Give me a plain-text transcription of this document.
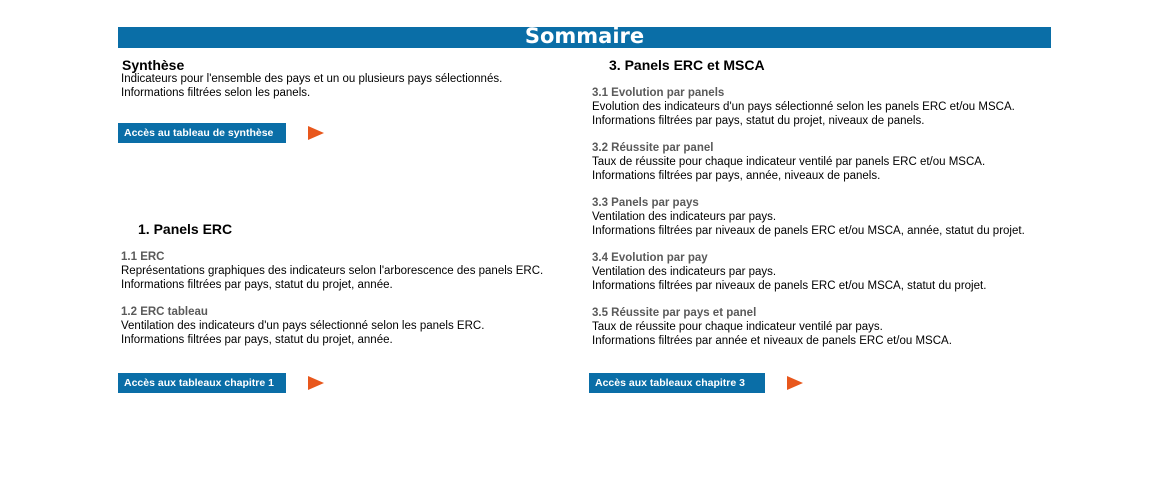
Sommaire
Synthèse
Indicateurs pour l'ensemble des pays et un ou plusieurs pays sélectionnés.
Informations filtrées selon les panels.
Accès au tableau de synthèse
1. Panels ERC
1.1 ERC
Représentations graphiques des indicateurs selon l'arborescence des panels ERC.
Informations filtrées par pays, statut du projet, année.
1.2 ERC tableau
Ventilation des indicateurs d'un pays sélectionné selon les panels ERC.
Informations filtrées par pays, statut du projet, année.
Accès aux tableaux chapitre 1
3. Panels ERC et MSCA
3.1 Evolution par panels
Evolution des indicateurs d'un pays sélectionné selon les panels ERC et/ou MSCA.
Informations filtrées par pays, statut du projet, niveaux de panels.
3.2 Réussite par panel
Taux de réussite pour chaque indicateur ventilé par panels ERC et/ou MSCA.
Informations filtrées par pays, année, niveaux de panels.
3.3 Panels par pays
Ventilation des indicateurs par pays.
Informations filtrées par niveaux de panels ERC et/ou MSCA, année, statut du projet.
3.4 Evolution par pay
Ventilation des indicateurs par pays.
Informations filtrées par niveaux de panels ERC et/ou MSCA, statut du projet.
3.5 Réussite par pays et panel
Taux de réussite pour chaque indicateur ventilé par pays.
Informations filtrées par année et niveaux de panels ERC et/ou MSCA.
Accès aux tableaux chapitre 3
